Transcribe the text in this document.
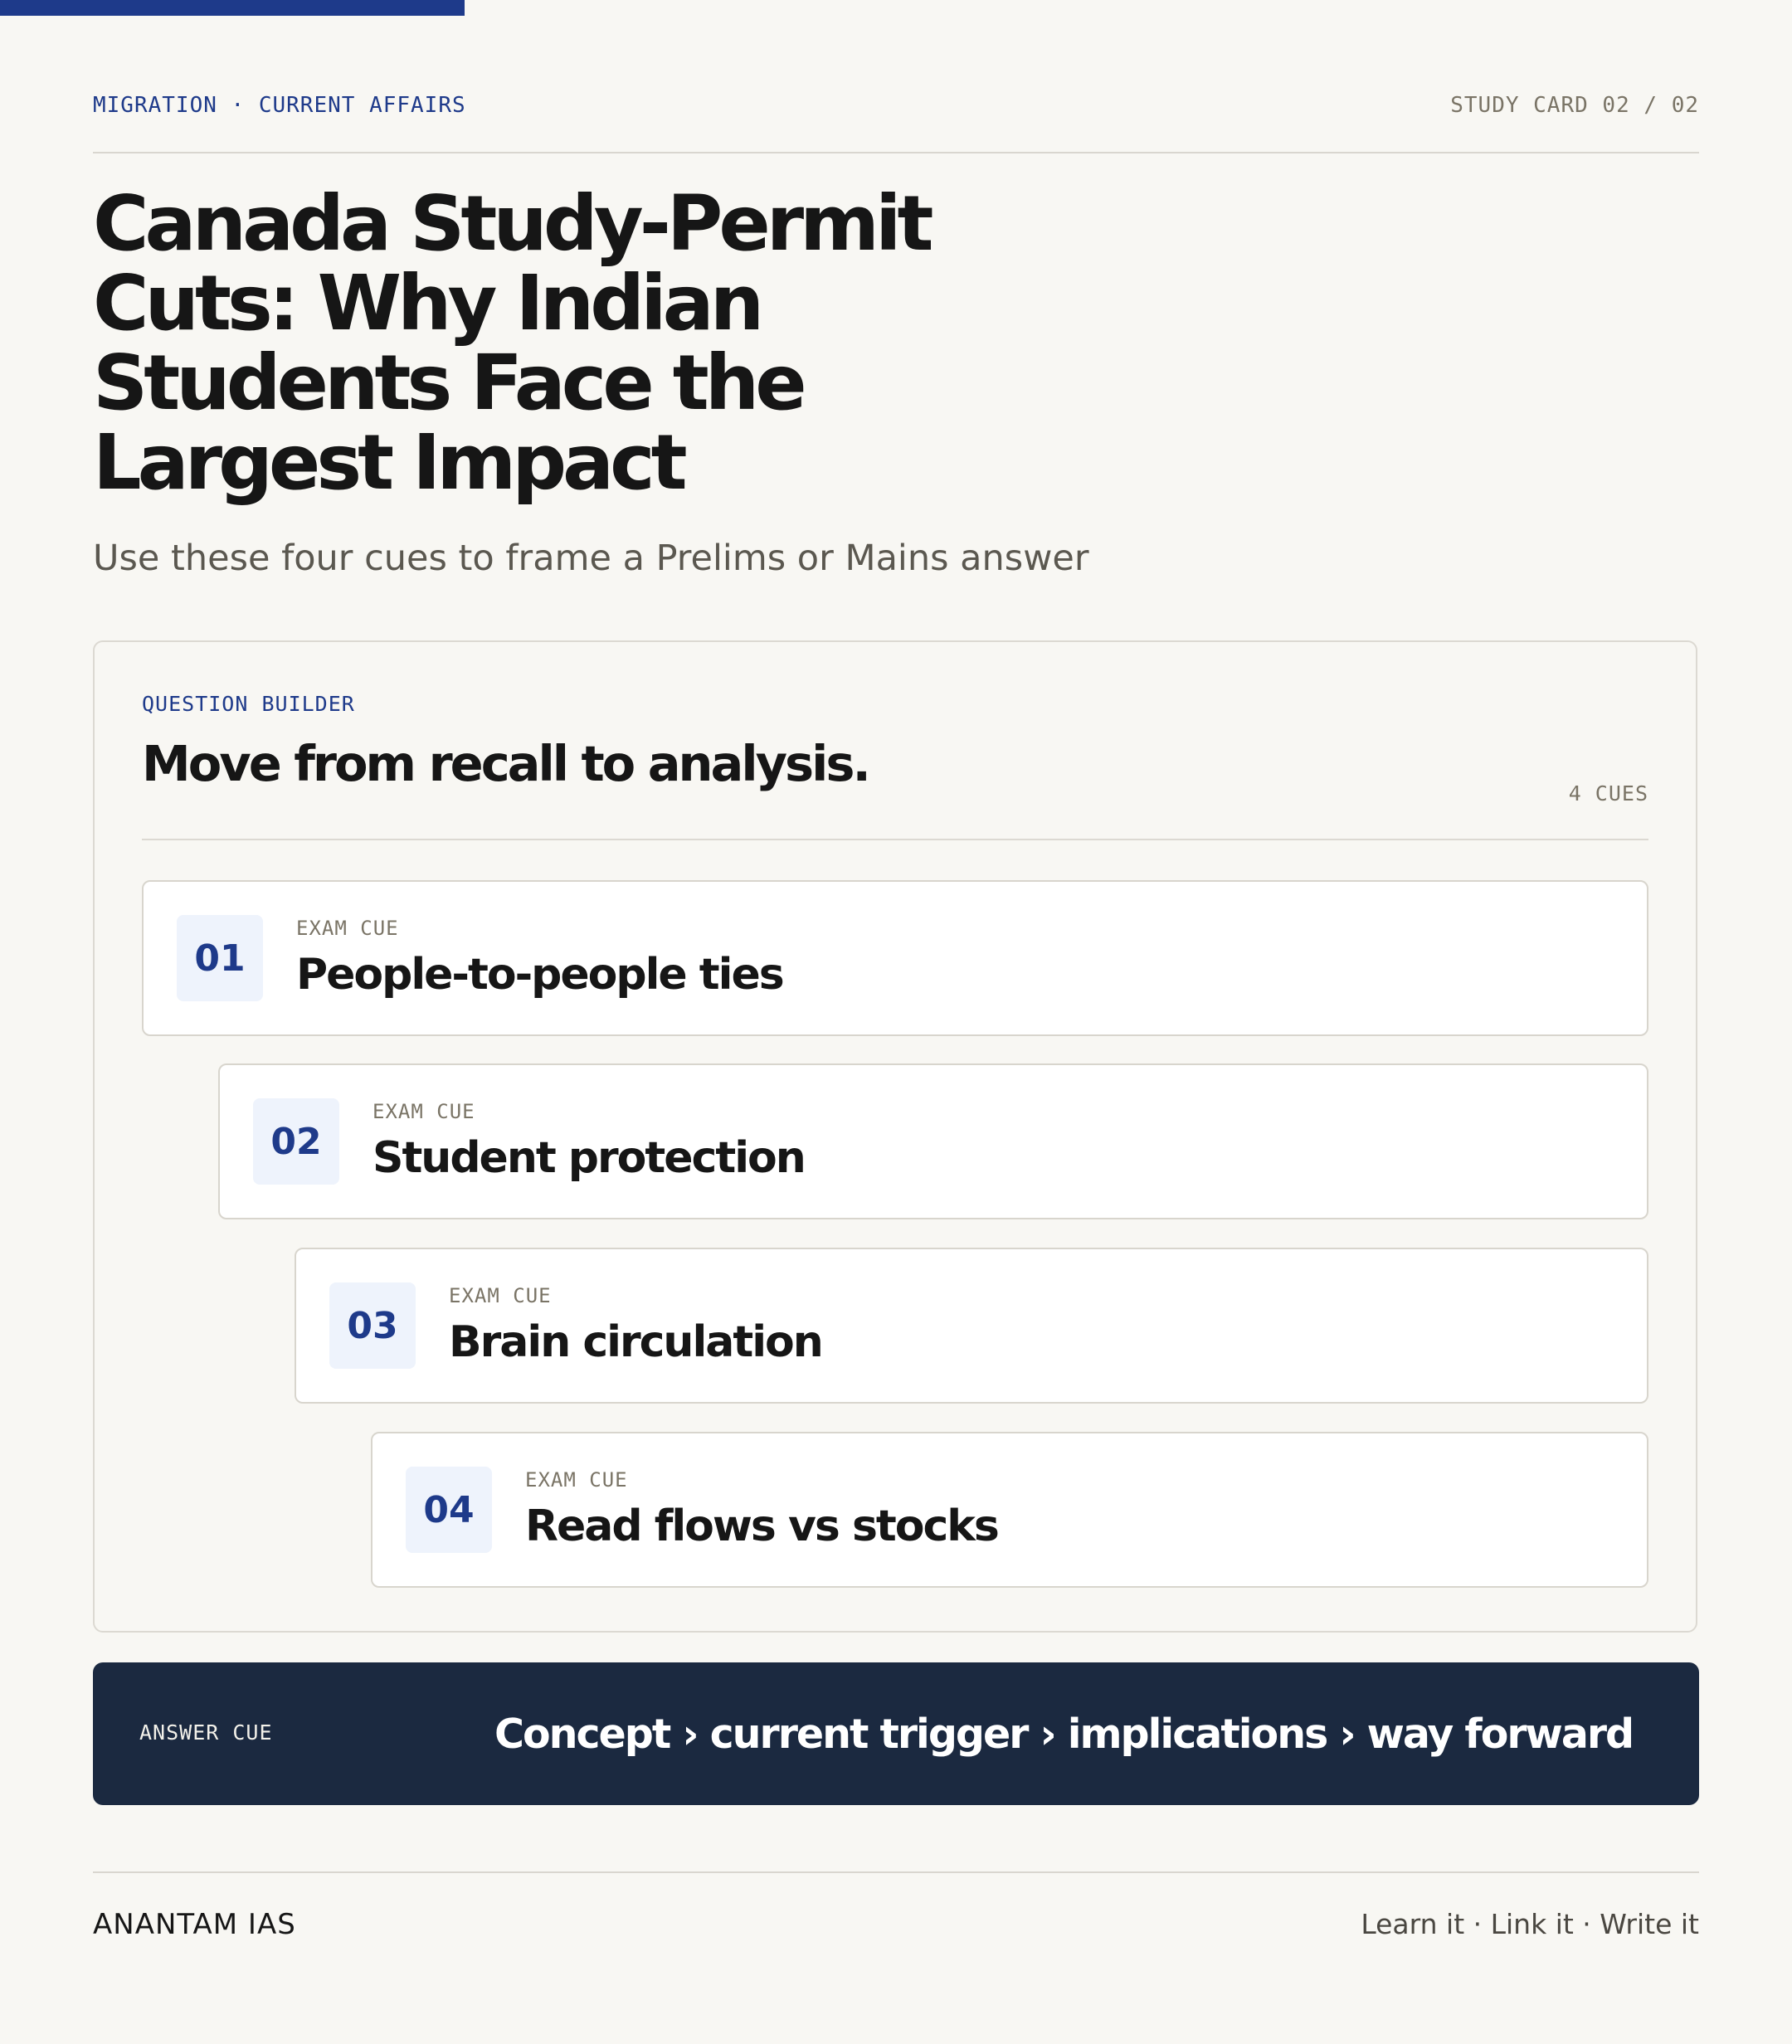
MIGRATION · CURRENT AFFAIRS	STUDY CARD 02 / 02
Canada Study-Permit Cuts: Why Indian Students Face the Largest Impact

Use these four cues to frame a Prelims or Mains answer

QUESTION BUILDER
Move from recall to analysis.
4 CUES
01
EXAM CUE
People-to-people ties
02
EXAM CUE
Student protection
03
EXAM CUE
Brain circulation
04
EXAM CUE
Read flows vs stocks
ANSWER CUE	Concept › current trigger › implications › way forward
ANANTAM IAS	Learn it · Link it · Write it
